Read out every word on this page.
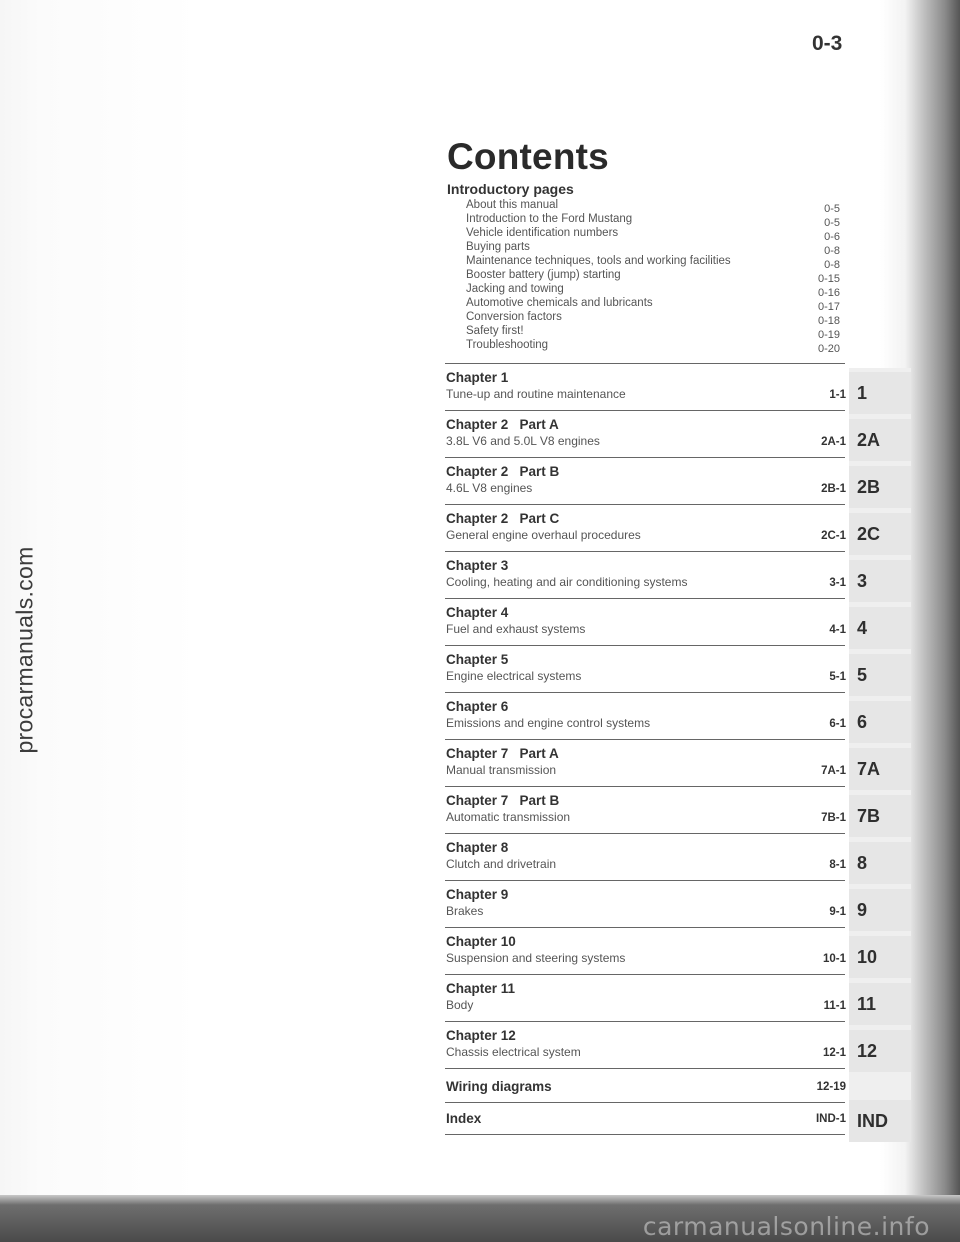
procarmanuals.com
0-3
Contents
Introductory pages
About this manual	0-5
Introduction to the Ford Mustang	0-5
Vehicle identification numbers	0-6
Buying parts	0-8
Maintenance techniques, tools and working facilities	0-8
Booster battery (jump) starting	0-15
Jacking and towing	0-16
Automotive chemicals and lubricants	0-17
Conversion factors	0-18
Safety first!	0-19
Troubleshooting	0-20
Chapter 1
Tune-up and routine maintenance	1-1
Chapter 2   Part A
3.8L V6 and 5.0L V8 engines	2A-1
Chapter 2   Part B
4.6L V8 engines	2B-1
Chapter 2   Part C
General engine overhaul procedures	2C-1
Chapter 3
Cooling, heating and air conditioning systems	3-1
Chapter 4
Fuel and exhaust systems	4-1
Chapter 5
Engine electrical systems	5-1
Chapter 6
Emissions and engine control systems	6-1
Chapter 7   Part A
Manual transmission	7A-1
Chapter 7   Part B
Automatic transmission	7B-1
Chapter 8
Clutch and drivetrain	8-1
Chapter 9
Brakes	9-1
Chapter 10
Suspension and steering systems	10-1
Chapter 11
Body	11-1
Chapter 12
Chassis electrical system	12-1
Wiring diagrams	12-19
Index	IND-1
carmanualsonline.info
1
2A
2B
2C
3
4
5
6
7A
7B
8
9
10
11
12
IND
